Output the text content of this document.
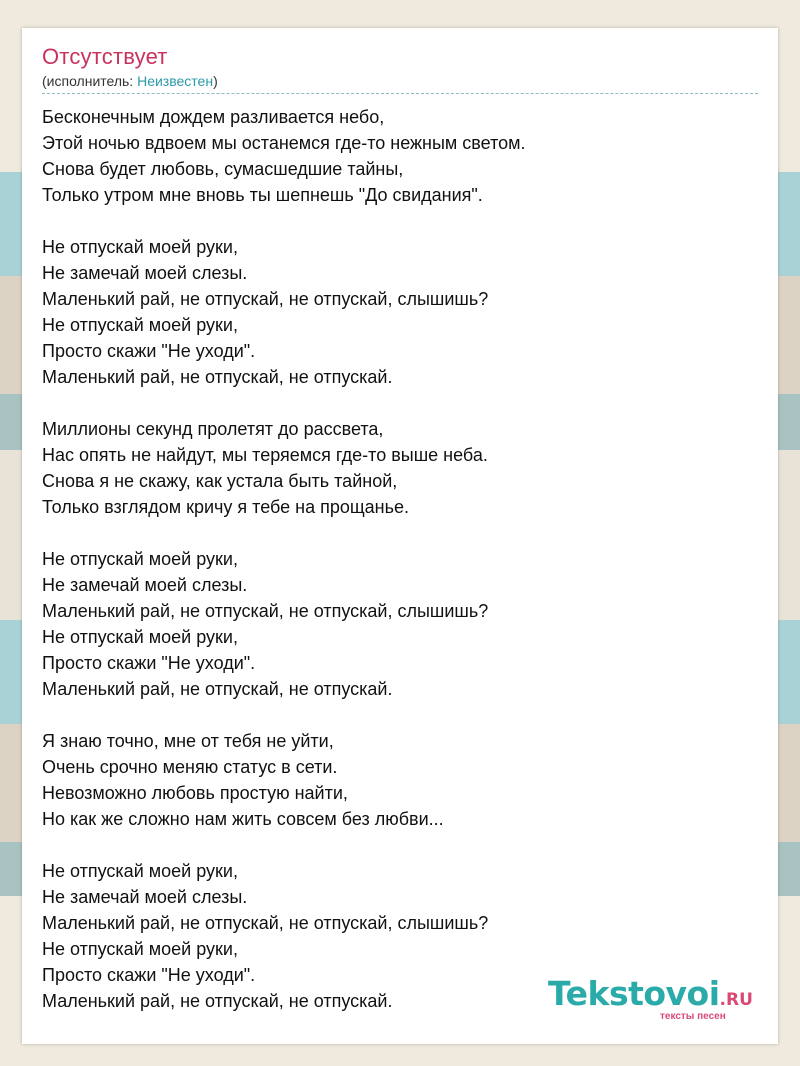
Отсутствует
(исполнитель: Неизвестен)
Бесконечным дождем разливается небо,
Этой ночью вдвоем мы останемся где-то нежным светом.
Снова будет любовь, сумасшедшие тайны,
Только утром мне вновь ты шепнешь "До свидания".
Не отпускай моей руки,
Не замечай моей слезы.
Маленький рай, не отпускай, не отпускай, слышишь?
Не отпускай моей руки,
Просто скажи "Не уходи".
Маленький рай, не отпускай, не отпускай.
Миллионы секунд пролетят до рассвета,
Нас опять не найдут, мы теряемся где-то выше неба.
Снова я не скажу, как устала быть тайной,
Только взглядом кричу я тебе на прощанье.
Не отпускай моей руки,
Не замечай моей слезы.
Маленький рай, не отпускай, не отпускай, слышишь?
Не отпускай моей руки,
Просто скажи "Не уходи".
Маленький рай, не отпускай, не отпускай.
Я знаю точно, мне от тебя не уйти,
Очень срочно меняю статус в сети.
Невозможно любовь простую найти,
Но как же сложно нам жить совсем без любви...
Не отпускай моей руки,
Не замечай моей слезы.
Маленький рай, не отпускай, не отпускай, слышишь?
Не отпускай моей руки,
Просто скажи "Не уходи".
Маленький рай, не отпускай, не отпускай.	Tekstovoi.RU
тексты песен
